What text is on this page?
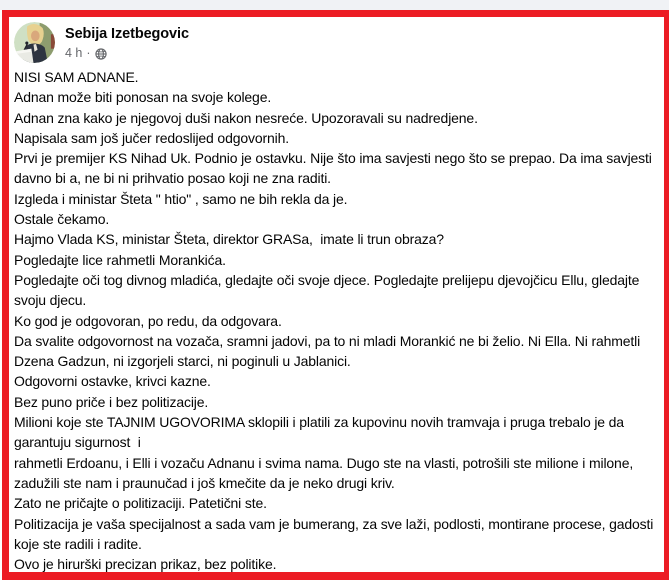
Sebija Izetbegovic
4 h ·
NISI SAM ADNANE.
Adnan može biti ponosan na svoje kolege.
Adnan zna kako je njegovoj duši nakon nesreće. Upozoravali su nadredjene.
Napisala sam još jučer redoslijed odgovornih.
Prvi je premijer KS Nihad Uk. Podnio je ostavku. Nije što ima savjesti nego što se prepao. Da ima savjesti davno bi a, ne bi ni prihvatio posao koji ne zna raditi.
Izgleda i ministar Šteta " htio" , samo ne bih rekla da je.
Ostale čekamo.
Hajmo Vlada KS, ministar Šteta, direktor GRASa,  imate li trun obraza?
Pogledajte lice rahmetli Morankića.
Pogledajte oči tog divnog mladića, gledajte oči svoje djece. Pogledajte prelijepu djevojčicu Ellu, gledajte svoju djecu.
Ko god je odgovoran, po redu, da odgovara.
Da svalite odgovornost na vozača, sramni jadovi, pa to ni mladi Morankić ne bi želio. Ni Ella. Ni rahmetli Dzena Gadzun, ni izgorjeli starci, ni poginuli u Jablanici.
Odgovorni ostavke, krivci kazne.
Bez puno priče i bez politizacije.
Milioni koje ste TAJNIM UGOVORIMA sklopili i platili za kupovinu novih tramvaja i pruga trebalo je da garantuju sigurnost  i
rahmetli Erdoanu, i Elli i vozaču Adnanu i svima nama. Dugo ste na vlasti, potrošili ste milione i milone, zadužili ste nam i praunučad i još kmečite da je neko drugi kriv.
Zato ne pričajte o politizaciji. Patetični ste.
Politizacija je vaša specijalnost a sada vam je bumerang, za sve laži, podlosti, montirane procese, gadosti koje ste radili i radite.
Ovo je hirurški precizan prikaz, bez politike.
